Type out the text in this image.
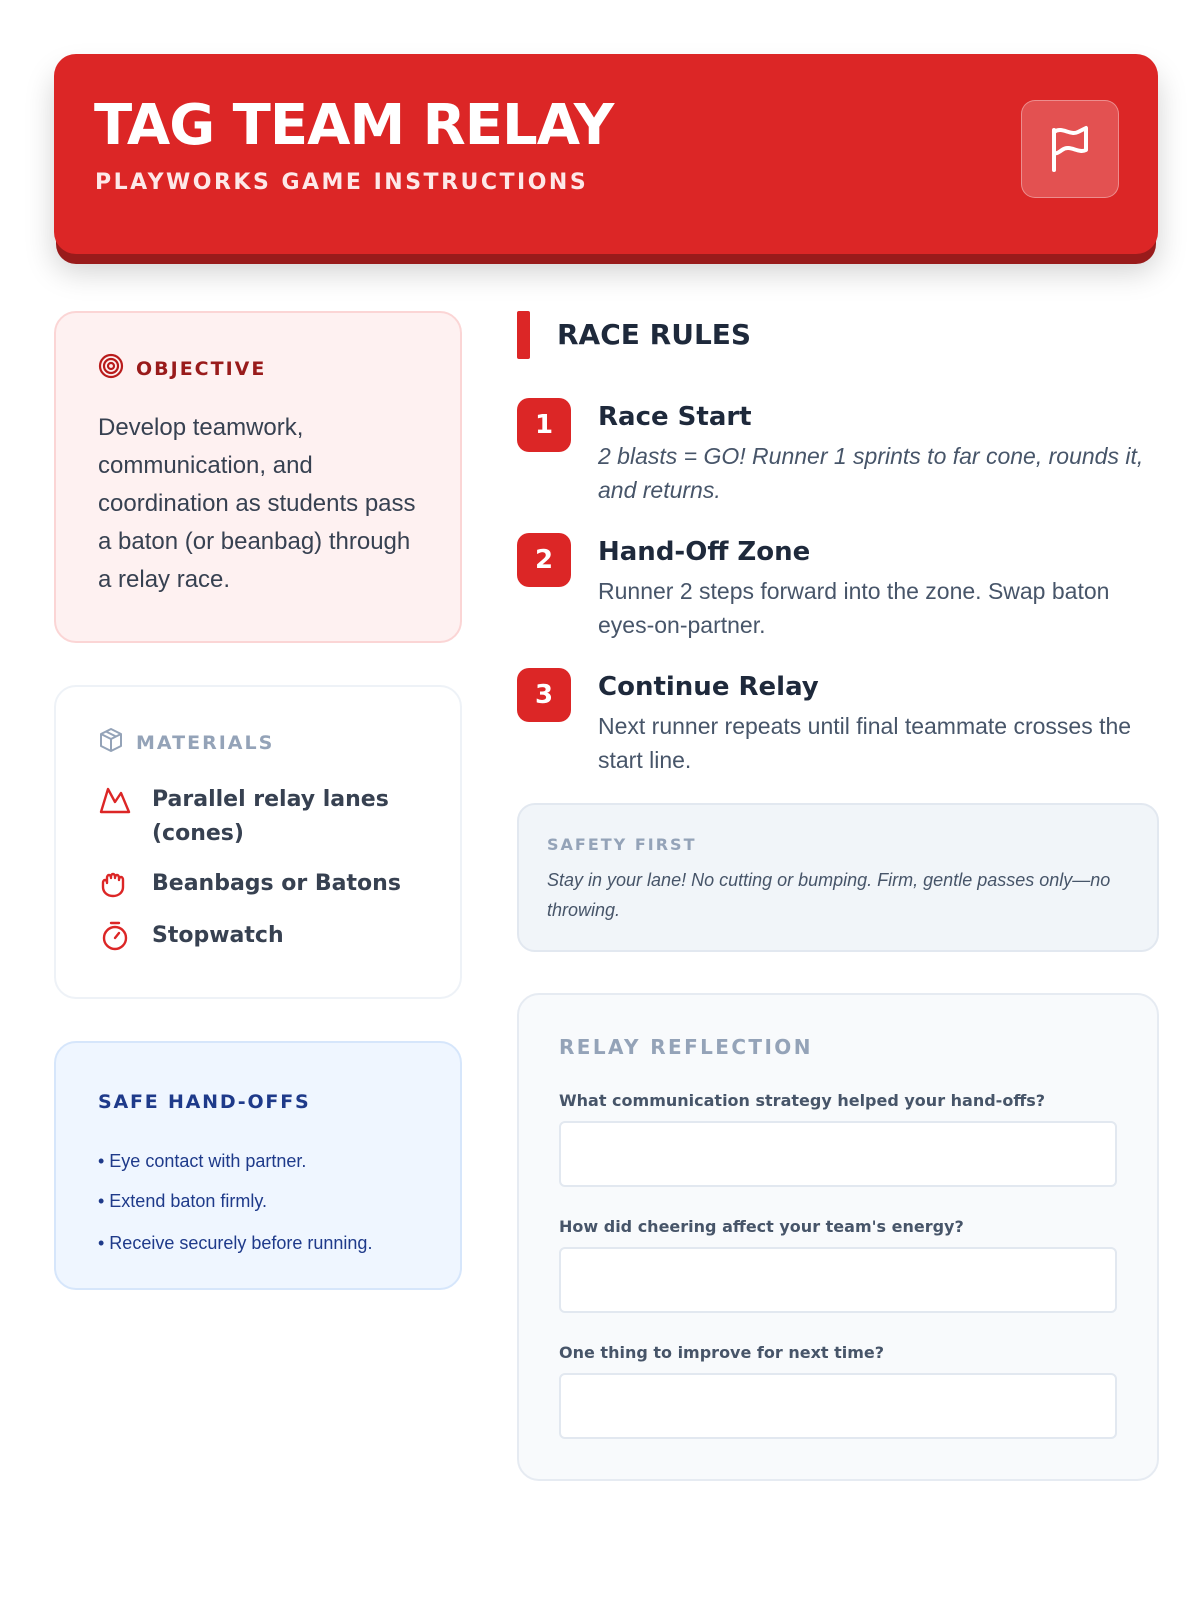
TAG TEAM RELAY
PLAYWORKS GAME INSTRUCTIONS
OBJECTIVE
Develop teamwork, communication, and coordination as students pass a baton (or beanbag) through a relay race.
MATERIALS
Parallel relay lanes (cones)
Beanbags or Batons
Stopwatch
SAFE HAND-OFFS
• Eye contact with partner.
• Extend baton firmly.
• Receive securely before running.
RACE RULES
1	Race Start
2 blasts = GO! Runner 1 sprints to far cone, rounds it, and returns.
2	Hand-Off Zone
Runner 2 steps forward into the zone. Swap baton eyes-on-partner.
3	Continue Relay
Next runner repeats until final teammate crosses the start line.
SAFETY FIRST
Stay in your lane! No cutting or bumping. Firm, gentle passes only—no throwing.
RELAY REFLECTION
What communication strategy helped your hand-offs?
How did cheering affect your team's energy?
One thing to improve for next time?
